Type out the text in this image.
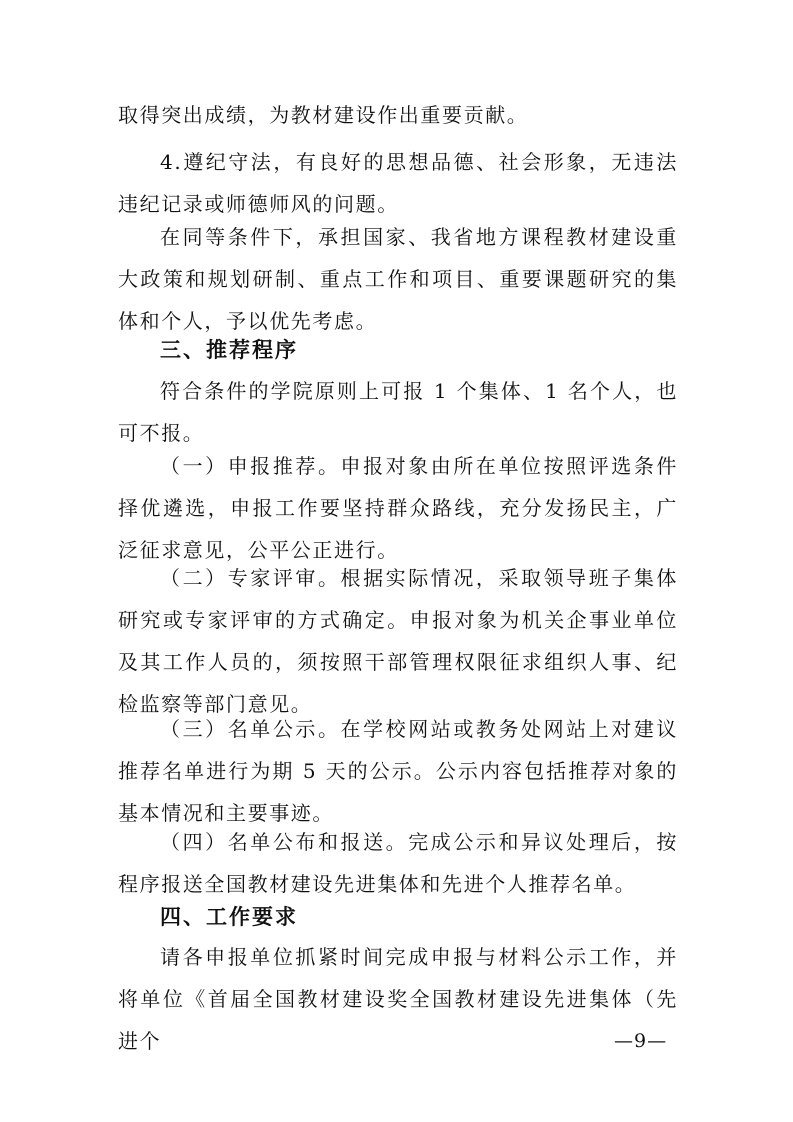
取得突出成绩，为教材建设作出重要贡献。

4.遵纪守法，有良好的思想品德、社会形象，无违法违纪记录或师德师风的问题。

在同等条件下，承担国家、我省地方课程教材建设重大政策和规划研制、重点工作和项目、重要课题研究的集体和个人，予以优先考虑。

三、推荐程序

符合条件的学院原则上可报 1 个集体、1 名个人，也可不报。

（一）申报推荐。申报对象由所在单位按照评选条件择优遴选，申报工作要坚持群众路线，充分发扬民主，广泛征求意见，公平公正进行。

（二）专家评审。根据实际情况，采取领导班子集体研究或专家评审的方式确定。申报对象为机关企事业单位及其工作人员的，须按照干部管理权限征求组织人事、纪检监察等部门意见。

（三）名单公示。在学校网站或教务处网站上对建议推荐名单进行为期 5 天的公示。公示内容包括推荐对象的基本情况和主要事迹。

（四）名单公布和报送。完成公示和异议处理后，按程序报送全国教材建设先进集体和先进个人推荐名单。

四、工作要求

请各申报单位抓紧时间完成申报与材料公示工作，并将单位《首届全国教材建设奖全国教材建设先进集体（先进个	—9—
